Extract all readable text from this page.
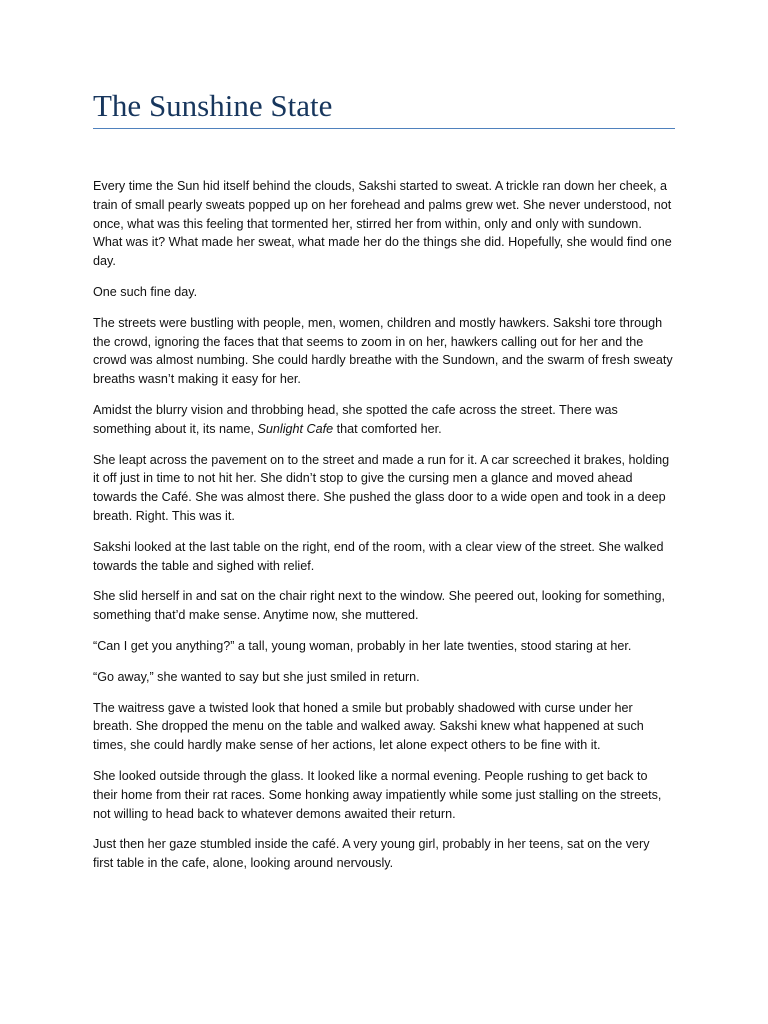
The Sunshine State

Every time the Sun hid itself behind the clouds, Sakshi started to sweat. A trickle ran down her cheek, a train of small pearly sweats popped up on her forehead and palms grew wet. She never understood, not once, what was this feeling that tormented her, stirred her from within, only and only with sundown. What was it? What made her sweat, what made her do the things she did. Hopefully, she would find one day.

One such fine day.

The streets were bustling with people, men, women, children and mostly hawkers. Sakshi tore through the crowd, ignoring the faces that that seems to zoom in on her, hawkers calling out for her and the crowd was almost numbing. She could hardly breathe with the Sundown, and the swarm of fresh sweaty breaths wasn’t making it easy for her.

Amidst the blurry vision and throbbing head, she spotted the cafe across the street. There was something about it, its name, Sunlight Cafe that comforted her.

She leapt across the pavement on to the street and made a run for it. A car screeched it brakes, holding it off just in time to not hit her. She didn’t stop to give the cursing men a glance and moved ahead towards the Café. She was almost there. She pushed the glass door to a wide open and took in a deep breath. Right. This was it.

Sakshi looked at the last table on the right, end of the room, with a clear view of the street. She walked towards the table and sighed with relief.

She slid herself in and sat on the chair right next to the window. She peered out, looking for something, something that’d make sense. Anytime now, she muttered.

“Can I get you anything?” a tall, young woman, probably in her late twenties, stood staring at her.

“Go away,” she wanted to say but she just smiled in return.

The waitress gave a twisted look that honed a smile but probably shadowed with curse under her breath. She dropped the menu on the table and walked away. Sakshi knew what happened at such times, she could hardly make sense of her actions, let alone expect others to be fine with it.

She looked outside through the glass. It looked like a normal evening. People rushing to get back to their home from their rat races. Some honking away impatiently while some just stalling on the streets, not willing to head back to whatever demons awaited their return.

Just then her gaze stumbled inside the café. A very young girl, probably in her teens, sat on the very first table in the cafe, alone, looking around nervously.
